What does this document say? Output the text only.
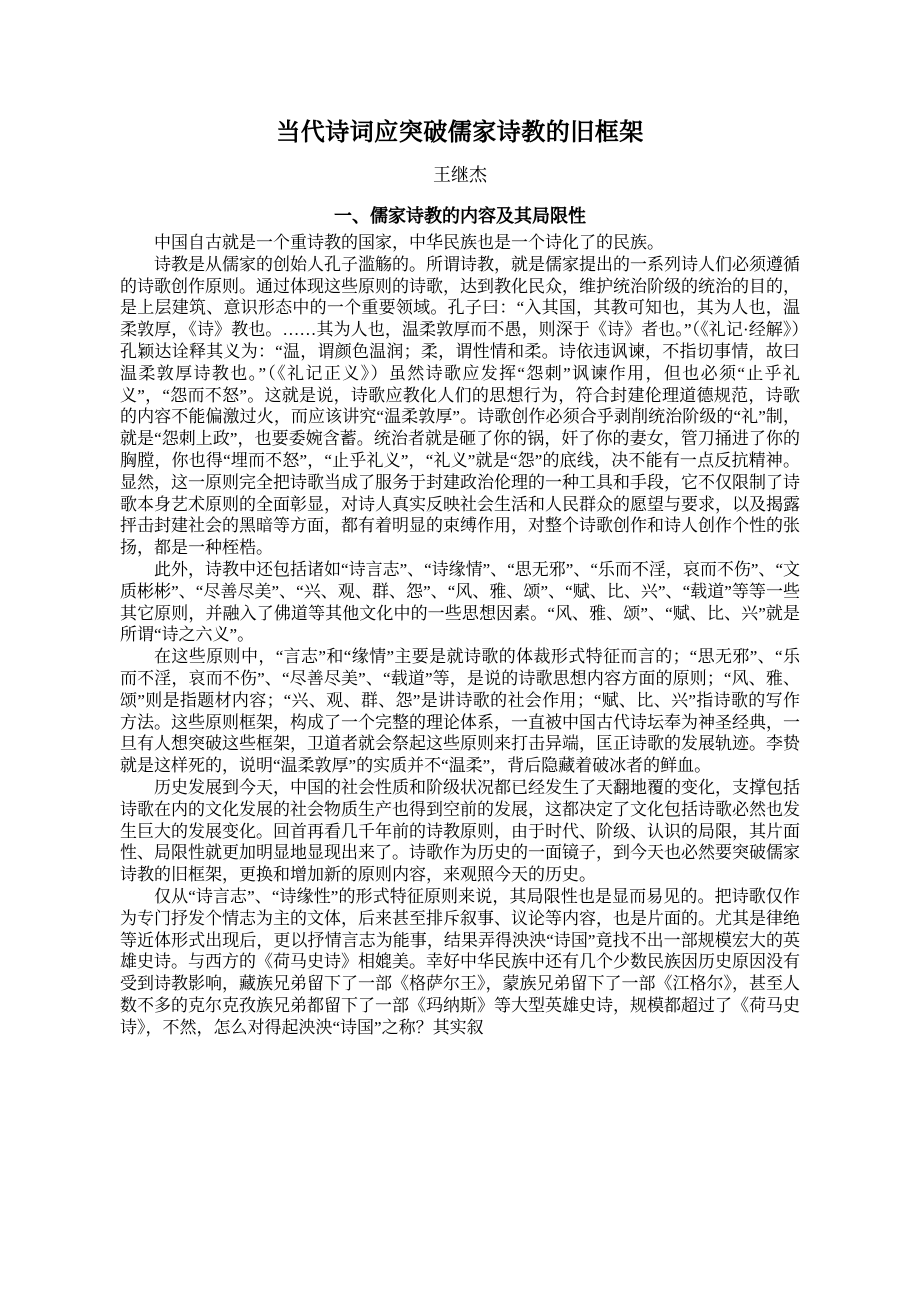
当代诗词应突破儒家诗教的旧框架
王继杰
一、儒家诗教的内容及其局限性

中国自古就是一个重诗教的国家，中华民族也是一个诗化了的民族。

诗教是从儒家的创始人孔子滥觞的。所谓诗教，就是儒家提出的一系列诗人们必须遵循的诗歌创作原则。通过体现这些原则的诗歌，达到教化民众，维护统治阶级的统治的目的，是上层建筑、意识形态中的一个重要领域。孔子曰：“入其国，其教可知也，其为人也，温柔敦厚，《诗》教也。……其为人也，温柔敦厚而不愚，则深于《诗》者也。”（《礼记·经解》）孔颖达诠释其义为：“温，谓颜色温润；柔，谓性情和柔。诗依违讽谏，不指切事情，故曰温柔敦厚诗教也。”（《礼记正义》）虽然诗歌应发挥“怨刺”讽谏作用，但也必须“止乎礼义”，“怨而不怒”。这就是说，诗歌应教化人们的思想行为，符合封建伦理道德规范，诗歌的内容不能偏激过火，而应该讲究“温柔敦厚”。诗歌创作必须合乎剥削统治阶级的“礼”制，就是“怨刺上政”，也要委婉含蓄。统治者就是砸了你的锅，奸了你的妻女，管刀捅进了你的胸膛，你也得“埋而不怒”，“止乎礼义”，“礼义”就是“怨”的底线，决不能有一点反抗精神。显然，这一原则完全把诗歌当成了服务于封建政治伦理的一种工具和手段，它不仅限制了诗歌本身艺术原则的全面彰显，对诗人真实反映社会生活和人民群众的愿望与要求，以及揭露抨击封建社会的黑暗等方面，都有着明显的束缚作用，对整个诗歌创作和诗人创作个性的张扬，都是一种桎梏。

此外，诗教中还包括诸如“诗言志”、“诗缘情”、“思无邪”、“乐而不淫，哀而不伤”、“文质彬彬”、“尽善尽美”、“兴、观、群、怨”、“风、雅、颂”、“赋、比、兴”、“载道”等等一些其它原则，并融入了佛道等其他文化中的一些思想因素。“风、雅、颂”、“赋、比、兴”就是所谓“诗之六义”。

在这些原则中，“言志”和“缘情”主要是就诗歌的体裁形式特征而言的；“思无邪”、“乐而不淫，哀而不伤”、“尽善尽美”、“载道”等，是说的诗歌思想内容方面的原则；“风、雅、颂”则是指题材内容；“兴、观、群、怨”是讲诗歌的社会作用；“赋、比、兴”指诗歌的写作方法。这些原则框架，构成了一个完整的理论体系，一直被中国古代诗坛奉为神圣经典，一旦有人想突破这些框架，卫道者就会祭起这些原则来打击异端，匡正诗歌的发展轨迹。李贽就是这样死的，说明“温柔敦厚”的实质并不“温柔”，背后隐藏着破冰者的鲜血。

历史发展到今天，中国的社会性质和阶级状况都已经发生了天翻地覆的变化，支撑包括诗歌在内的文化发展的社会物质生产也得到空前的发展，这都决定了文化包括诗歌必然也发生巨大的发展变化。回首再看几千年前的诗教原则，由于时代、阶级、认识的局限，其片面性、局限性就更加明显地显现出来了。诗歌作为历史的一面镜子，到今天也必然要突破儒家诗教的旧框架，更换和增加新的原则内容，来观照今天的历史。

仅从“诗言志”、“诗缘性”的形式特征原则来说，其局限性也是显而易见的。把诗歌仅作为专门抒发个情志为主的文体，后来甚至排斥叙事、议论等内容，也是片面的。尤其是律绝等近体形式出现后，更以抒情言志为能事，结果弄得泱泱“诗国”竟找不出一部规模宏大的英雄史诗。与西方的《荷马史诗》相媲美。幸好中华民族中还有几个少数民族因历史原因没有受到诗教影响，藏族兄弟留下了一部《格萨尔王》，蒙族兄弟留下了一部《江格尔》，甚至人数不多的克尔克孜族兄弟都留下了一部《玛纳斯》等大型英雄史诗，规模都超过了《荷马史诗》，不然，怎么对得起泱泱“诗国”之称？其实叙
